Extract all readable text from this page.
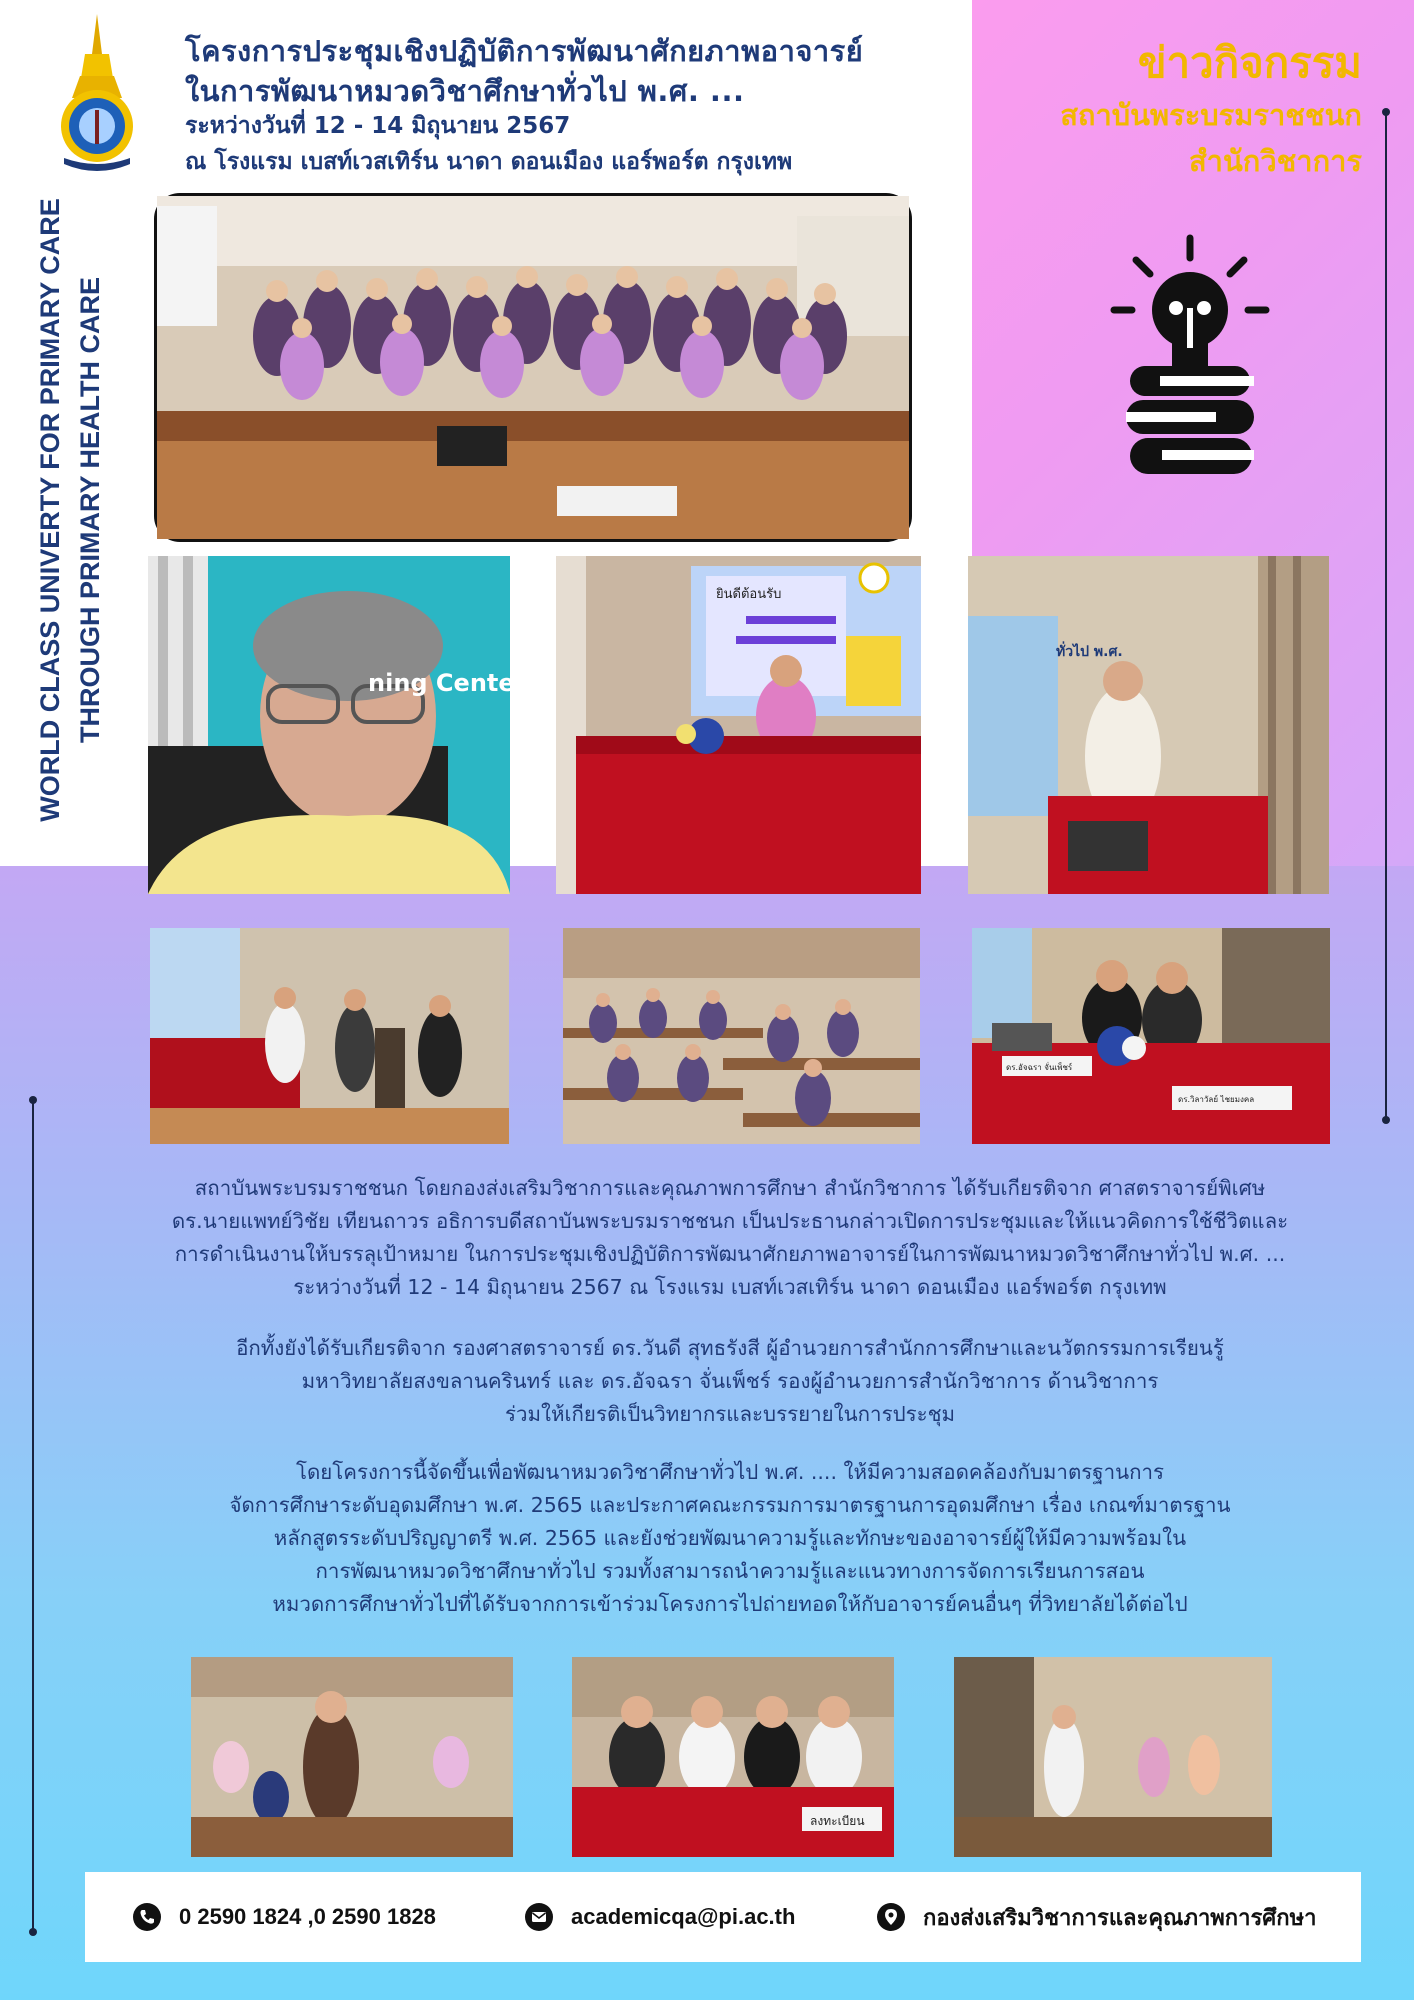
โครงการประชุมเชิงปฏิบัติการพัฒนาศักยภาพอาจารย์
ในการพัฒนาหมวดวิชาศึกษาทั่วไป พ.ศ. ...
ระหว่างวันที่ 12 - 14 มิถุนายน 2567
ณ โรงแรม เบสท์เวสเทิร์น นาดา ดอนเมือง แอร์พอร์ต กรุงเทพ
ข่าวกิจกรรม
สถาบันพระบรมราชชนก
สำนักวิชาการ
WORLD CLASS UNIVERTY FOR PRIMARY CARE THROUGH PRIMARY HEALTH CARE	ning Center
ยินดีต้อนรับ
ทั่วไป พ.ศ.
ดร.อัจฉรา จั่นเพ็ชร์
ดร.วิลาวัลย์ ไชยมงคล
สถาบันพระบรมราชชนก โดยกองส่งเสริมวิชาการและคุณภาพการศึกษา สำนักวิชาการ ได้รับเกียรติจาก ศาสตราจารย์พิเศษ
ดร.นายแพทย์วิชัย เทียนถาวร อธิการบดีสถาบันพระบรมราชชนก เป็นประธานกล่าวเปิดการประชุมและให้แนวคิดการใช้ชีวิตและ
การดำเนินงานให้บรรลุเป้าหมาย ในการประชุมเชิงปฏิบัติการพัฒนาศักยภาพอาจารย์ในการพัฒนาหมวดวิชาศึกษาทั่วไป พ.ศ. ...
ระหว่างวันที่ 12 - 14 มิถุนายน 2567 ณ โรงแรม เบสท์เวสเทิร์น นาดา ดอนเมือง แอร์พอร์ต กรุงเทพ
อีกทั้งยังได้รับเกียรติจาก รองศาสตราจารย์ ดร.วันดี สุทธรังสี ผู้อำนวยการสำนักการศึกษาและนวัตกรรมการเรียนรู้
มหาวิทยาลัยสงขลานครินทร์ และ ดร.อัจฉรา จั่นเพ็ชร์ รองผู้อำนวยการสำนักวิชาการ ด้านวิชาการ
ร่วมให้เกียรติเป็นวิทยากรและบรรยายในการประชุม
โดยโครงการนี้จัดขึ้นเพื่อพัฒนาหมวดวิชาศึกษาทั่วไป พ.ศ. .... ให้มีความสอดคล้องกับมาตรฐานการ
จัดการศึกษาระดับอุดมศึกษา พ.ศ. 2565 และประกาศคณะกรรมการมาตรฐานการอุดมศึกษา เรื่อง เกณฑ์มาตรฐาน
หลักสูตรระดับปริญญาตรี พ.ศ. 2565 และยังช่วยพัฒนาความรู้และทักษะของอาจารย์ผู้ให้มีความพร้อมใน
การพัฒนาหมวดวิชาศึกษาทั่วไป รวมทั้งสามารถนำความรู้และแนวทางการจัดการเรียนการสอน
หมวดการศึกษาทั่วไปที่ได้รับจากการเข้าร่วมโครงการไปถ่ายทอดให้กับอาจารย์คนอื่นๆ ที่วิทยาลัยได้ต่อไป
ลงทะเบียน
0 2590 1824 ,0 2590 1828	academicqa@pi.ac.th	กองส่งเสริมวิชาการและคุณภาพการศึกษา
